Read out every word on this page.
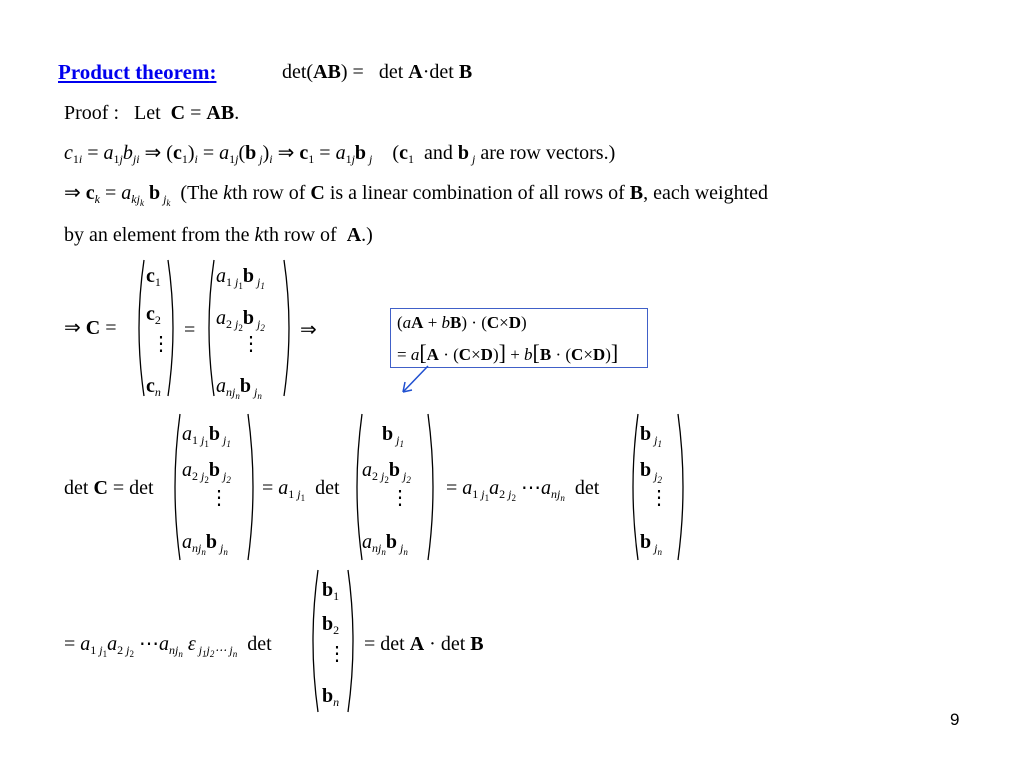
Product theorem:	det(AB) =   det A·det B
Proof :   Let  C = AB.
$c_{1i} = a_{1j}b_{ji}$ ⇒ $(c_1)_i = a_{1j}(b$ $_j)_i$ ⇒ $c_1 = a_{1j}b$ $_j$    ($c_1$  and b $_j$ are row vectors.)
⇒ $c_k = a_{kj_k}$ b $_{j_k}$  (The kth row of C is a linear combination of all rows of B, each weighted
by an element from the kth row of  A.)
⇒ C =
$c_1$
$c_2$
⋮
$c_n$
=
$a_{1 j_1}b$ $_{j_1}$
$a_{2 j_2}b$ $_{j_2}$
⋮
$a_{nj_n}b$ $_{j_n}$
⇒	(aA + bB) · (C×D)
= a[A · (C×D)] + b[B · (C×D)]
det C = det
$a_{1 j_1}b$ $_{j_1}$
$a_{2 j_2}b$ $_{j_2}$
⋮
$a_{nj_n}b$ $_{j_n}$
= $a_{1 j_1}$  det
b $_{j_1}$
$a_{2 j_2}b$ $_{j_2}$
⋮
$a_{nj_n}b$ $_{j_n}$
= $a_{1 j_1}a_{2 j_2}$ $\cdots a_{nj_n}$  det
b $_{j_1}$
b $_{j_2}$
⋮
b $_{j_n}$
= $a_{1 j_1}a_{2 j_2}$ $\cdots a_{nj_n}$ ε $_{j_1j_2\cdots j_n}$  det
$b_1$
$b_2$
⋮
$b_n$
= det A · det B
9
